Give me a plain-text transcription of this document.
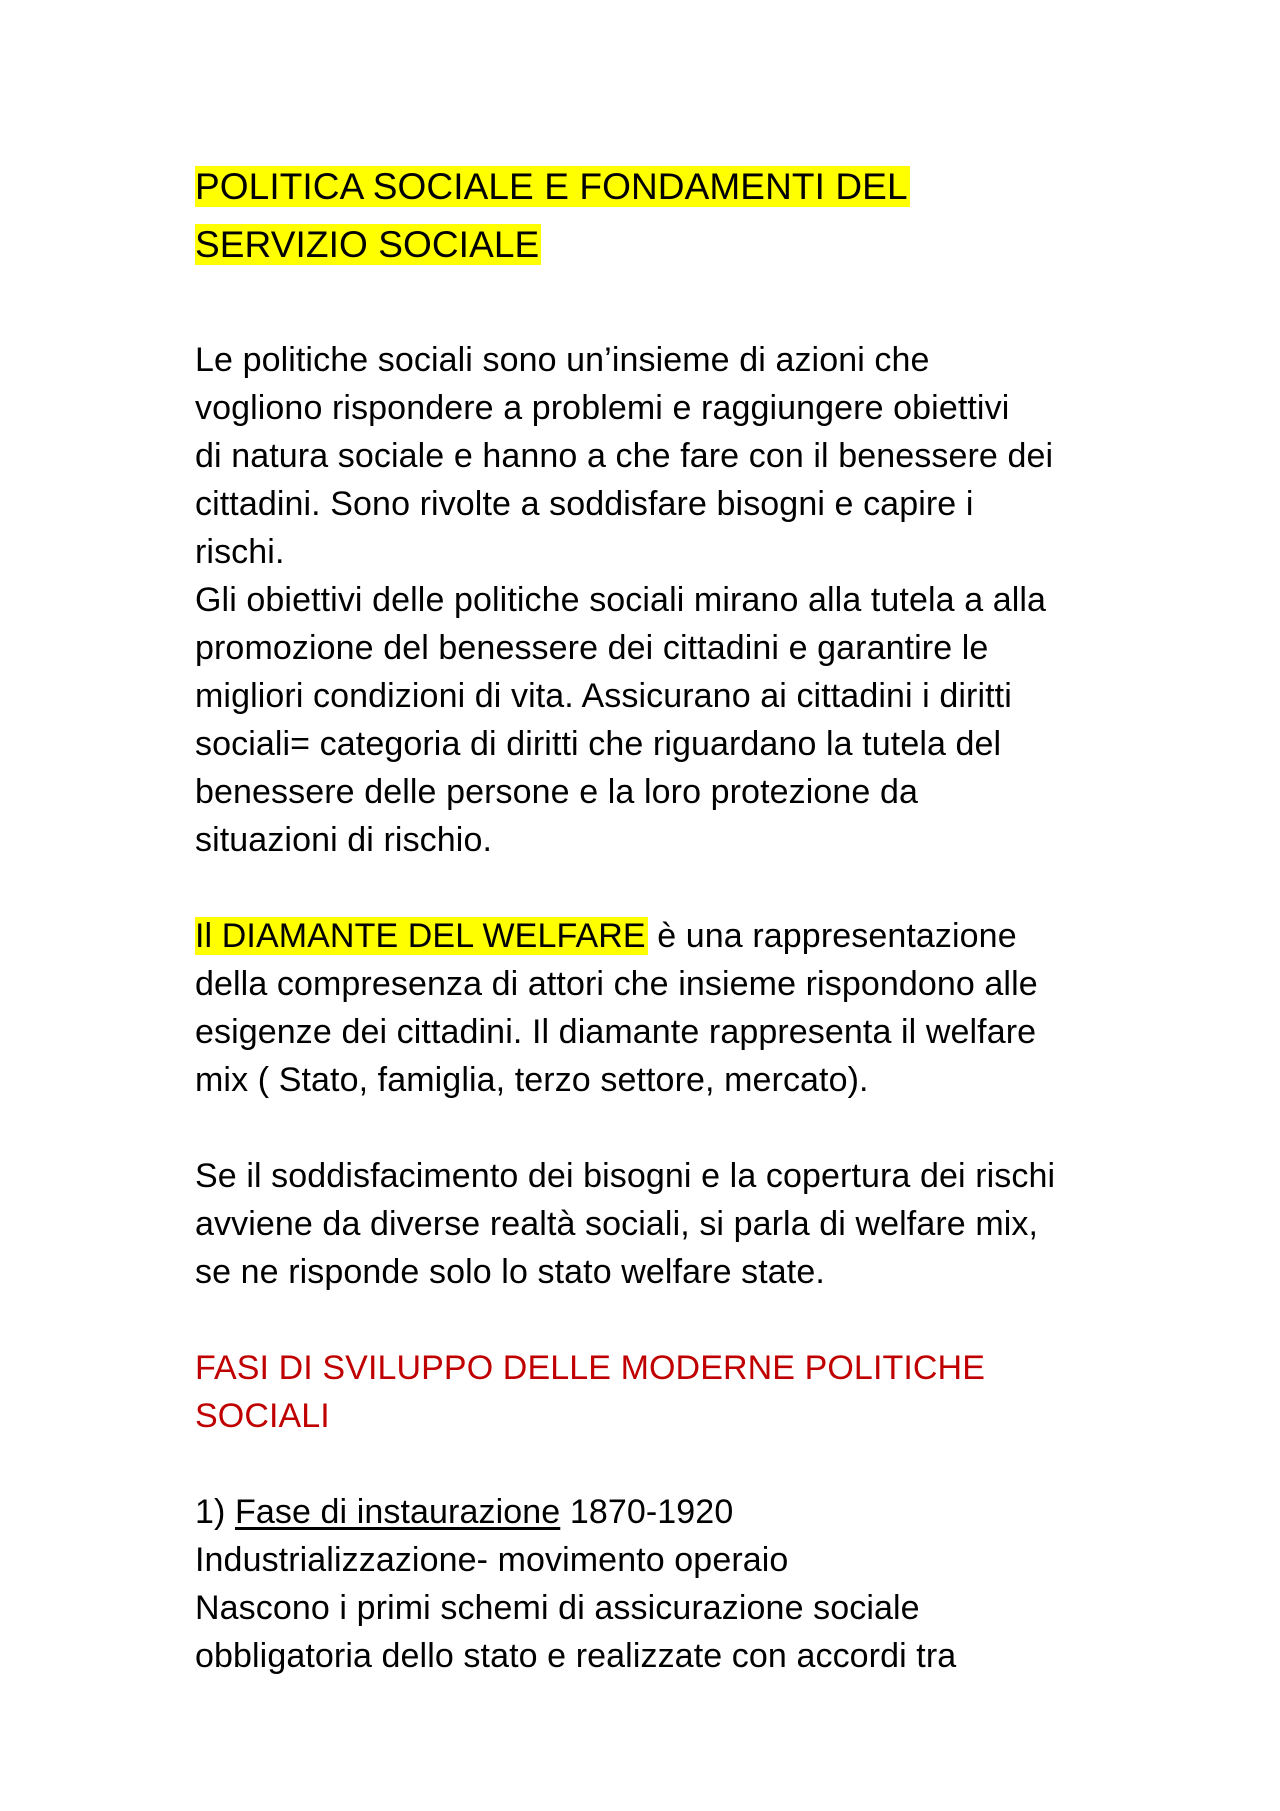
POLITICA SOCIALE E FONDAMENTI DEL
SERVIZIO SOCIALE

Le politiche sociali sono un’insieme di azioni che
vogliono rispondere a problemi e raggiungere obiettivi
di natura sociale e hanno a che fare con il benessere dei
cittadini. Sono rivolte a soddisfare bisogni e capire i
rischi.
Gli obiettivi delle politiche sociali mirano alla tutela a alla
promozione del benessere dei cittadini e garantire le
migliori condizioni di vita. Assicurano ai cittadini i diritti
sociali= categoria di diritti che riguardano la tutela del
benessere delle persone e la loro protezione da
situazioni di rischio.

Il DIAMANTE DEL WELFARE è una rappresentazione
della compresenza di attori che insieme rispondono alle
esigenze dei cittadini. Il diamante rappresenta il welfare
mix ( Stato, famiglia, terzo settore, mercato).

Se il soddisfacimento dei bisogni e la copertura dei rischi
avviene da diverse realtà sociali, si parla di welfare mix,
se ne risponde solo lo stato welfare state.

FASI DI SVILUPPO DELLE MODERNE POLITICHE SOCIALI

1) Fase di instaurazione 1870-1920
Industrializzazione- movimento operaio
Nascono i primi schemi di assicurazione sociale
obbligatoria dello stato e realizzate con accordi tra
